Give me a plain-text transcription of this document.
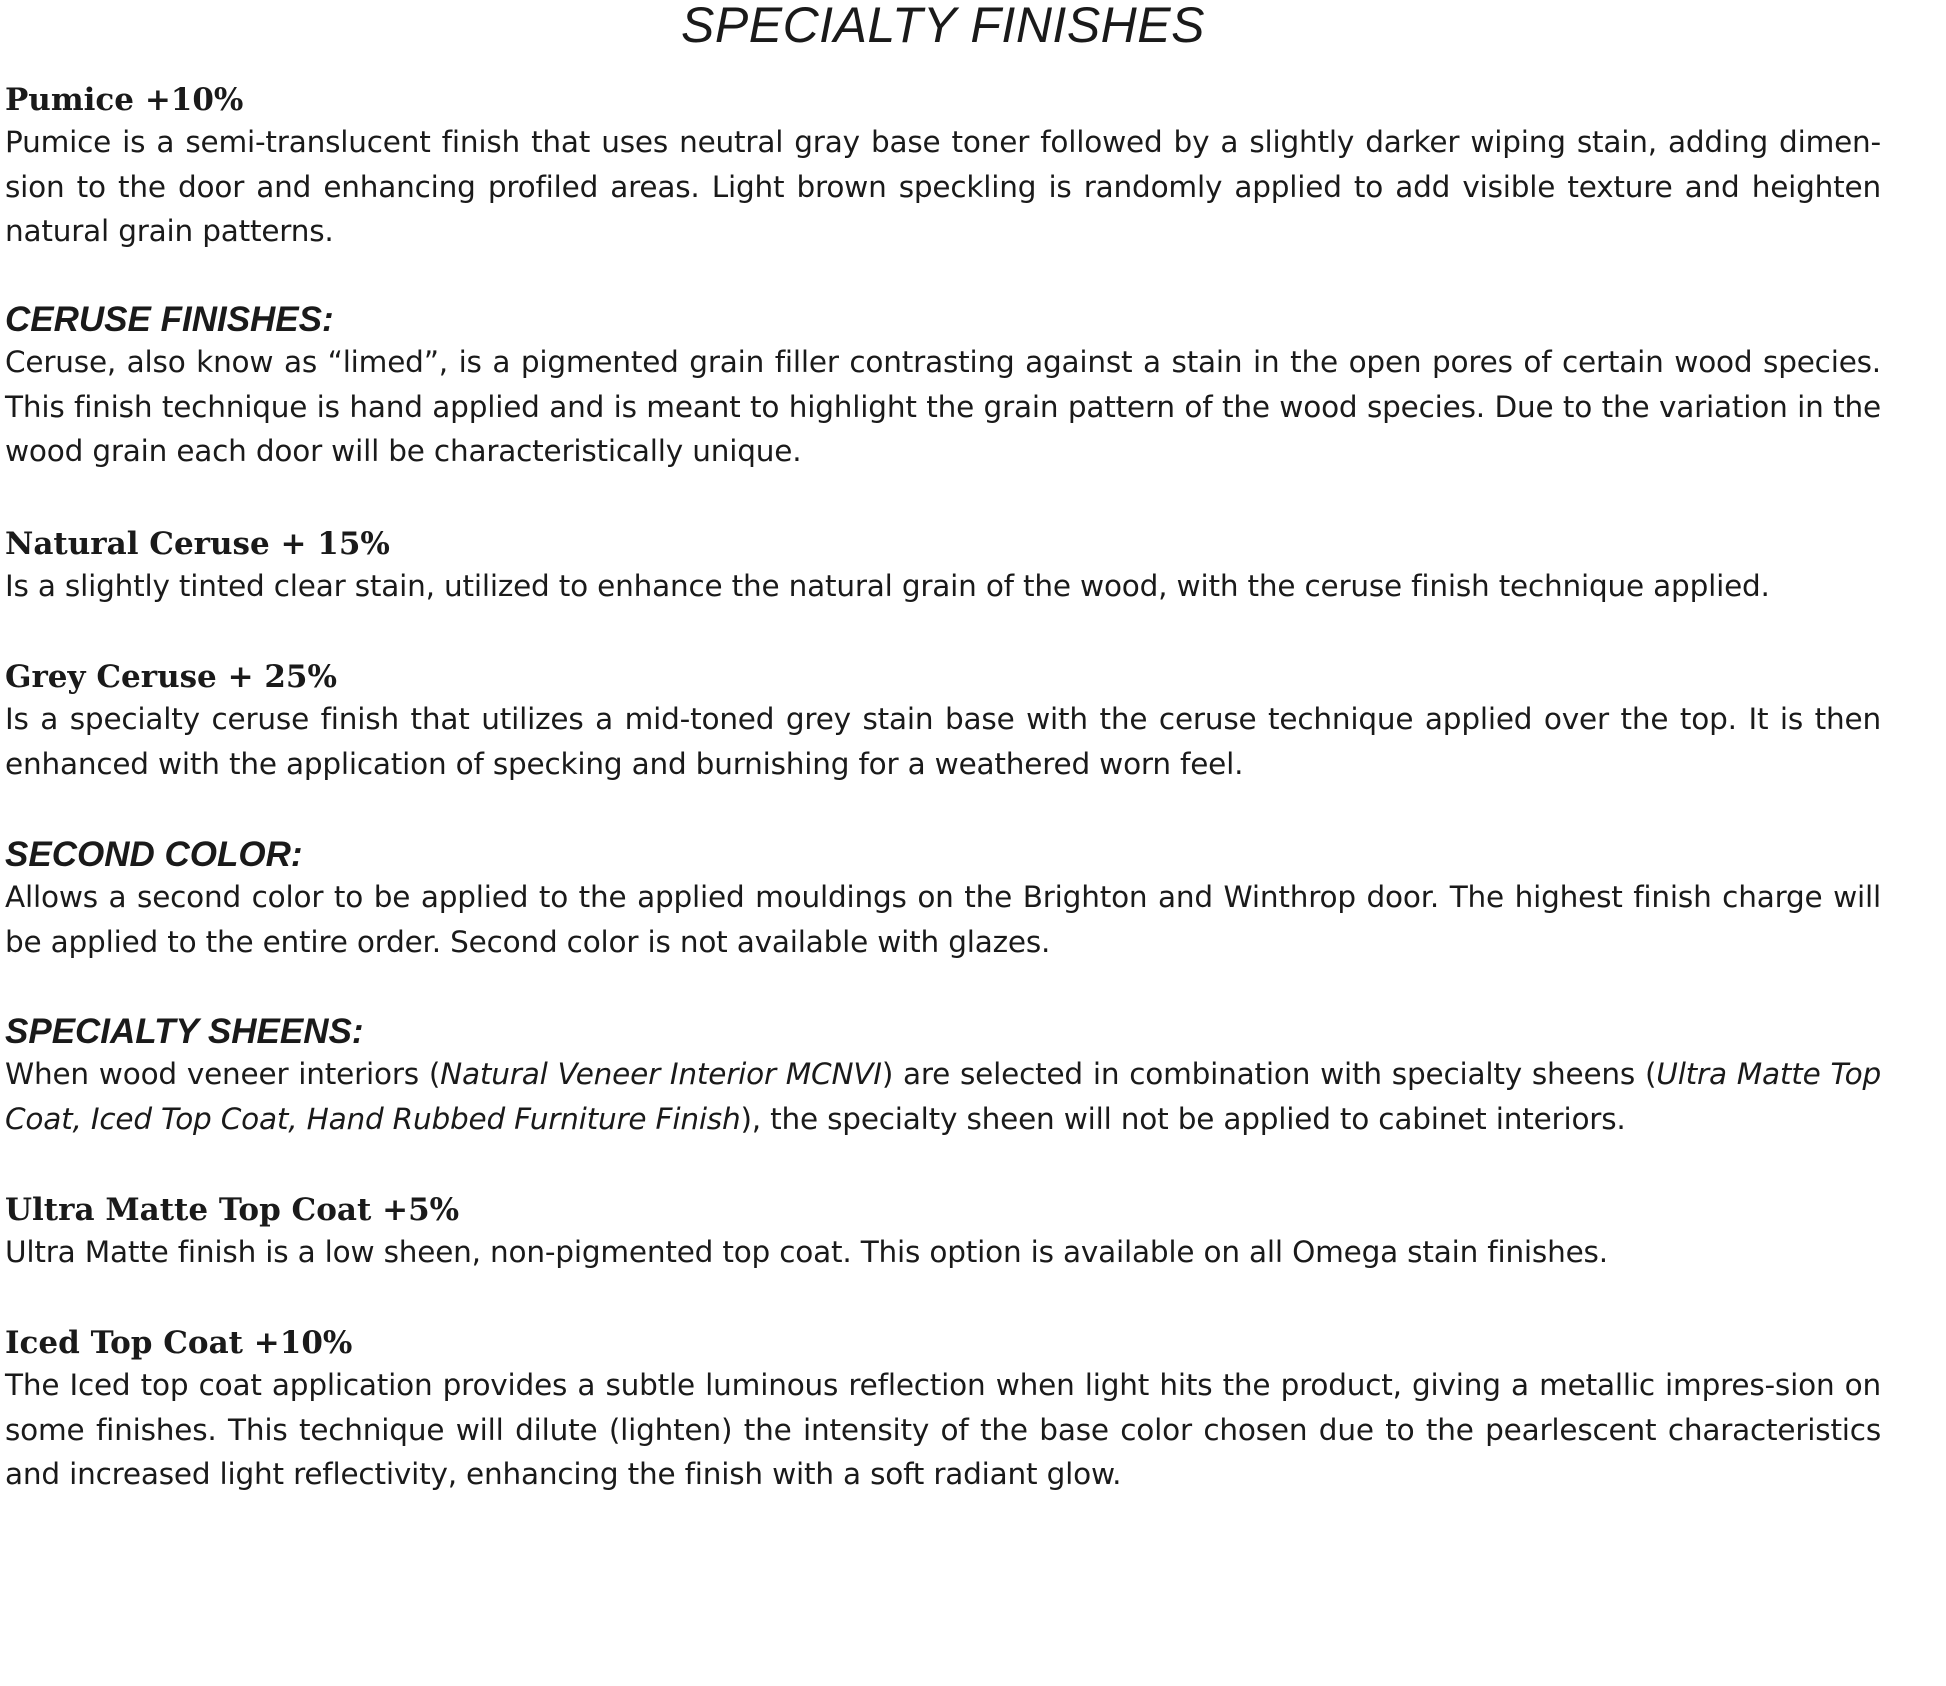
SPECIALTY FINISHES
Pumice +10%

Pumice is a semi-translucent finish that uses neutral gray base toner followed by a slightly darker wiping stain, adding dimen-sion to the door and enhancing profiled areas. Light brown speckling is randomly applied to add visible texture and heighten natural grain patterns.

CERUSE FINISHES:

Ceruse, also know as “limed”, is a pigmented grain filler contrasting against a stain in the open pores of certain wood species. This finish technique is hand applied and is meant to highlight the grain pattern of the wood species. Due to the variation in the wood grain each door will be characteristically unique.

Natural Ceruse + 15%

Is a slightly tinted clear stain, utilized to enhance the natural grain of the wood, with the ceruse finish technique applied.

Grey Ceruse + 25%

Is a specialty ceruse finish that utilizes a mid-toned grey stain base with the ceruse technique applied over the top. It is then enhanced with the application of specking and burnishing for a weathered worn feel.

SECOND COLOR:

Allows a second color to be applied to the applied mouldings on the Brighton and Winthrop door. The highest finish charge will be applied to the entire order. Second color is not available with glazes.

SPECIALTY SHEENS:

When wood veneer interiors (Natural Veneer Interior MCNVI) are selected in combination with specialty sheens (Ultra Matte Top Coat, Iced Top Coat, Hand Rubbed Furniture Finish), the specialty sheen will not be applied to cabinet interiors.

Ultra Matte Top Coat +5%

Ultra Matte finish is a low sheen, non-pigmented top coat. This option is available on all Omega stain finishes.

Iced Top Coat +10%

The Iced top coat application provides a subtle luminous reflection when light hits the product, giving a metallic impres-sion on some finishes. This technique will dilute (lighten) the intensity of the base color chosen due to the pearlescent characteristics and increased light reflectivity, enhancing the finish with a soft radiant glow.
